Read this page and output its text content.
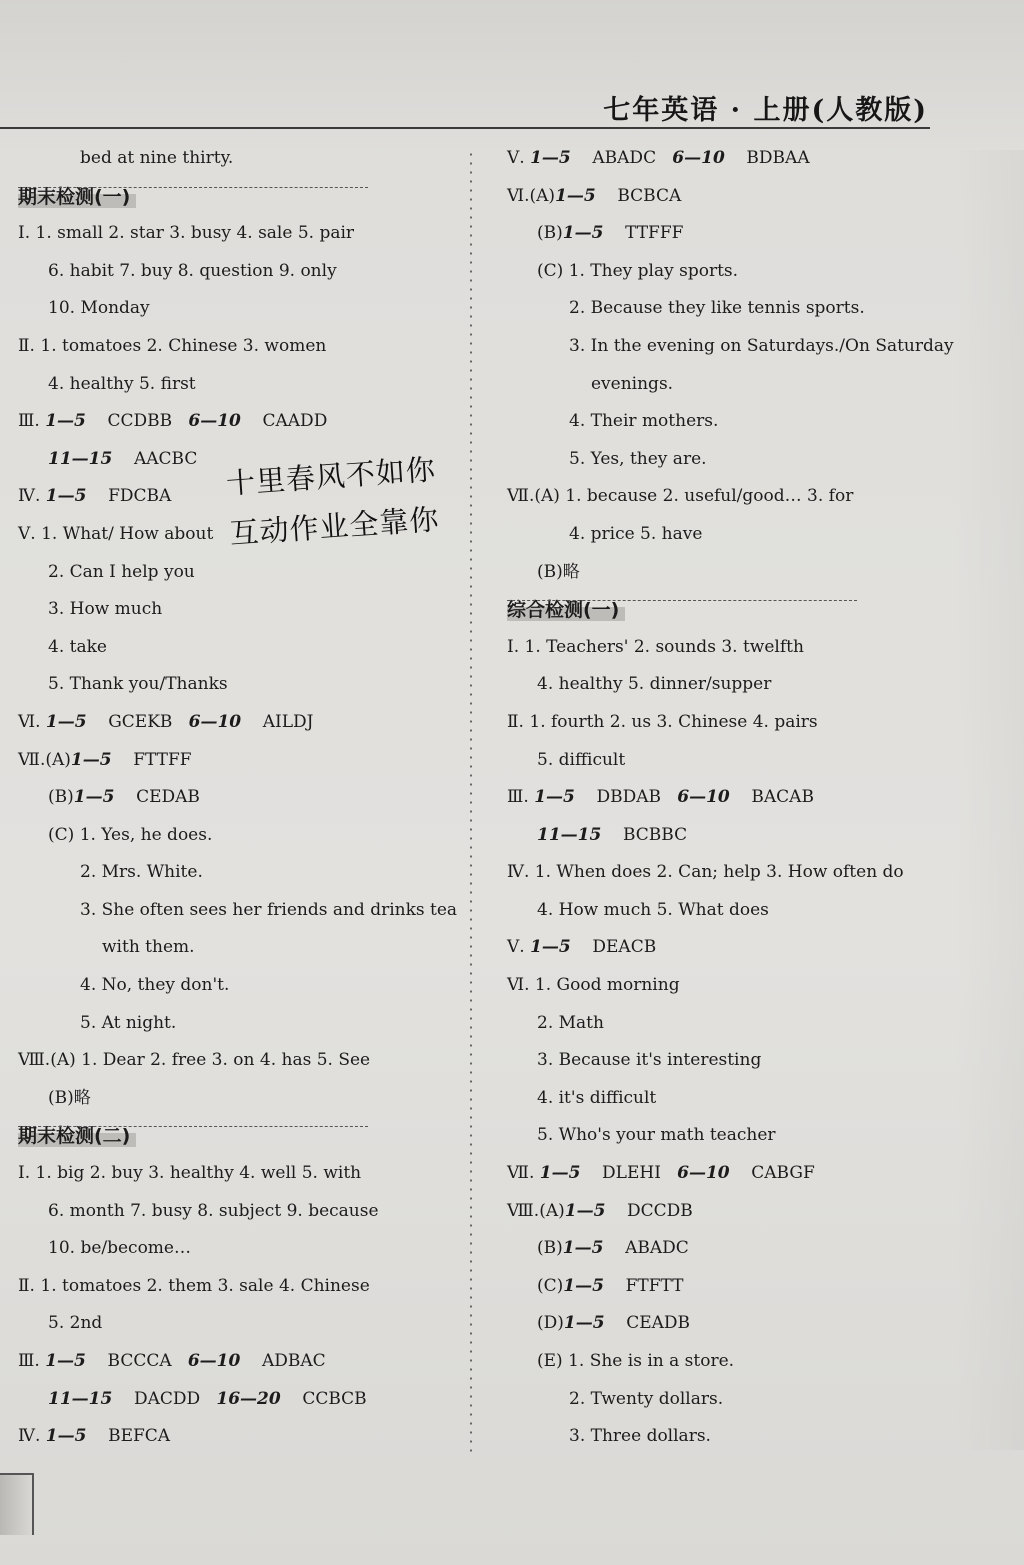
七年英语 · 上册(人教版)
bed at nine thirty.
期末检测(一)
Ⅰ. 1. small 2. star 3. busy 4. sale 5. pair
6. habit 7. buy 8. question 9. only
10. Monday
Ⅱ. 1. tomatoes 2. Chinese 3. women
4. healthy 5. first
Ⅲ. 1—5 CCDBB 6—10 CAADD
11—15 AACBC
Ⅳ. 1—5 FDCBA
Ⅴ. 1. What/ How about
2. Can I help you
3. How much
4. take
5. Thank you/Thanks
Ⅵ. 1—5 GCEKB 6—10 AILDJ
Ⅶ.(A)1—5 FTTFF
(B)1—5 CEDAB
(C) 1. Yes, he does.
2. Mrs. White.
3. She often sees her friends and drinks tea
with them.
4. No, they don't.
5. At night.
Ⅷ.(A) 1. Dear 2. free 3. on 4. has 5. See
(B)略
期末检测(二)
Ⅰ. 1. big 2. buy 3. healthy 4. well 5. with
6. month 7. busy 8. subject 9. because
10. be/become…
Ⅱ. 1. tomatoes 2. them 3. sale 4. Chinese
5. 2nd
Ⅲ. 1—5 BCCCA 6—10 ADBAC
11—15 DACDD 16—20 CCBCB
Ⅳ. 1—5 BEFCA
Ⅴ. 1—5 ABADC 6—10 BDBAA
Ⅵ.(A)1—5 BCBCA
(B)1—5 TTFFF
(C) 1. They play sports.
2. Because they like tennis sports.
3. In the evening on Saturdays./On Saturday
evenings.
4. Their mothers.
5. Yes, they are.
Ⅶ.(A) 1. because 2. useful/good… 3. for
4. price 5. have
(B)略
综合检测(一)
Ⅰ. 1. Teachers' 2. sounds 3. twelfth
4. healthy 5. dinner/supper
Ⅱ. 1. fourth 2. us 3. Chinese 4. pairs
5. difficult
Ⅲ. 1—5 DBDAB 6—10 BACAB
11—15 BCBBC
Ⅳ. 1. When does 2. Can; help 3. How often do
4. How much 5. What does
Ⅴ. 1—5 DEACB
Ⅵ. 1. Good morning
2. Math
3. Because it's interesting
4. it's difficult
5. Who's your math teacher
Ⅶ. 1—5 DLEHI 6—10 CABGF
Ⅷ.(A)1—5 DCCDB
(B)1—5 ABADC
(C)1—5 FTFTT
(D)1—5 CEADB
(E) 1. She is in a store.
2. Twenty dollars.
3. Three dollars.
十里春风不如你
互动作业全靠你
